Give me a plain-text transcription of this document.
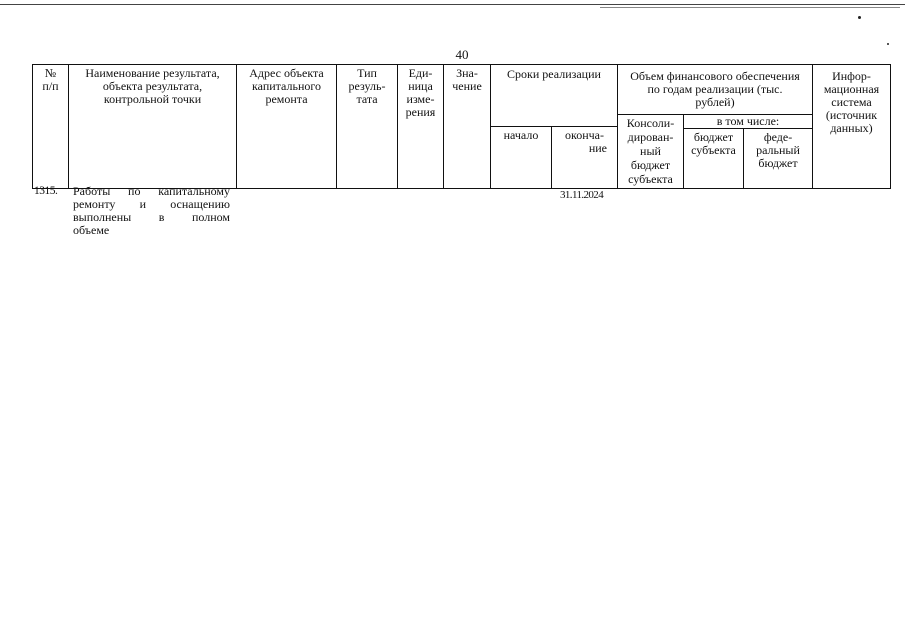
40
№
п/п
Наименование результата,
объекта результата,
контрольной точки
Адрес объекта
капитального
ремонта
Тип
резуль-
тата
Еди-
ница
изме-
рения
Зна-
чение
Сроки реализации
начало	оконча-
ние
Объем финансового обеспечения
по годам реализации (тыс.
рублей)
Консоли-
дирован-
ный
бюджет
субъекта
в том числе:
бюджет
субъекта
феде-
ральный
бюджет
Инфор-
мационная
система
(источник
данных)
1315. Работы по капитальному
ремонту и оснащению
выполнены в полном
объеме
31.11.2024
